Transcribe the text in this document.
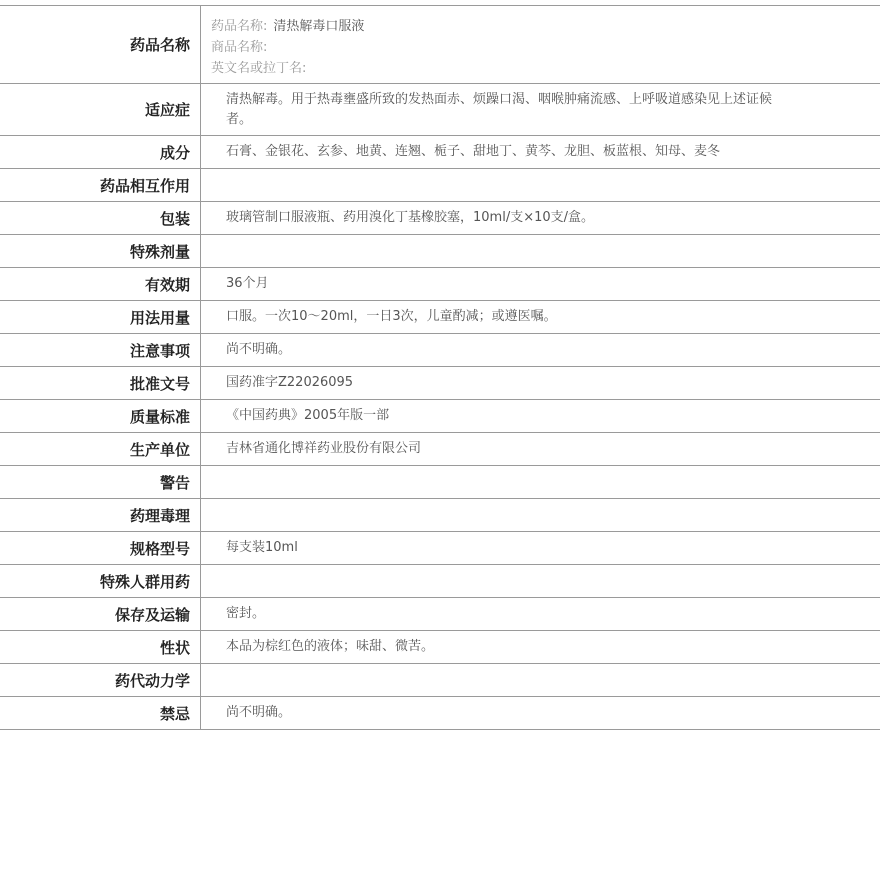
药品名称	药品名称: 清热解毒口服液
商品名称:
英文名或拉丁名:

适应症	清热解毒。用于热毒壅盛所致的发热面赤、烦躁口渴、咽喉肿痛流感、上呼吸道感染见上述证候者。

成分	石膏、金银花、玄参、地黄、连翘、栀子、甜地丁、黄芩、龙胆、板蓝根、知母、麦冬
药品相互作用	
包装	玻璃管制口服液瓶、药用溴化丁基橡胶塞，10ml/支×10支/盒。
特殊剂量	
有效期	36个月
用法用量	口服。一次10～20ml，一日3次，儿童酌减；或遵医嘱。
注意事项	尚不明确。
批准文号	国药准字Z22026095
质量标准	《中国药典》2005年版一部
生产单位	吉林省通化博祥药业股份有限公司
警告	
药理毒理	
规格型号	每支装10ml
特殊人群用药	
保存及运输	密封。
性状	本品为棕红色的液体；味甜、微苦。
药代动力学	
禁忌	尚不明确。
